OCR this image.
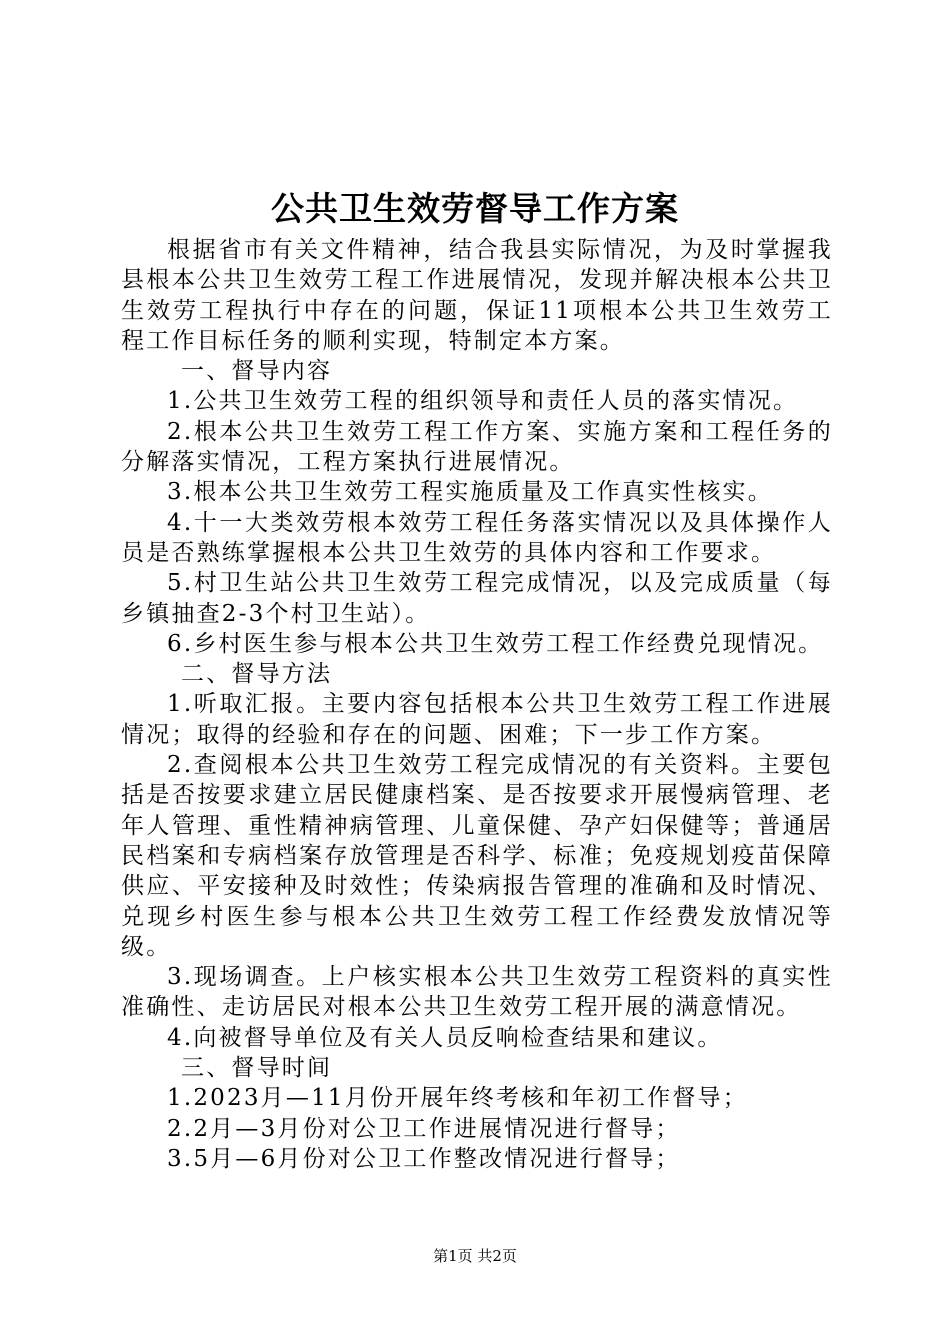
公共卫生效劳督导工作方案

根据省市有关文件精神，结合我县实际情况，为及时掌握我县根本公共卫生效劳工程工作进展情况，发现并解决根本公共卫生效劳工程执行中存在的问题，保证11项根本公共卫生效劳工程工作目标任务的顺利实现，特制定本方案。

一、督导内容

1.公共卫生效劳工程的组织领导和责任人员的落实情况。

2.根本公共卫生效劳工程工作方案、实施方案和工程任务的分解落实情况，工程方案执行进展情况。

3.根本公共卫生效劳工程实施质量及工作真实性核实。

4.十一大类效劳根本效劳工程任务落实情况以及具体操作人员是否熟练掌握根本公共卫生效劳的具体内容和工作要求。

5.村卫生站公共卫生效劳工程完成情况，以及完成质量（每乡镇抽查2-3个村卫生站）。

6.乡村医生参与根本公共卫生效劳工程工作经费兑现情况。

二、督导方法

1.听取汇报。主要内容包括根本公共卫生效劳工程工作进展情况；取得的经验和存在的问题、困难；下一步工作方案。

2.查阅根本公共卫生效劳工程完成情况的有关资料。主要包括是否按要求建立居民健康档案、是否按要求开展慢病管理、老年人管理、重性精神病管理、儿童保健、孕产妇保健等；普通居民档案和专病档案存放管理是否科学、标准；免疫规划疫苗保障供应、平安接种及时效性；传染病报告管理的准确和及时情况、兑现乡村医生参与根本公共卫生效劳工程工作经费发放情况等级。

3.现场调查。上户核实根本公共卫生效劳工程资料的真实性准确性、走访居民对根本公共卫生效劳工程开展的满意情况。

4.向被督导单位及有关人员反响检查结果和建议。

三、督导时间

1.2023月—11月份开展年终考核和年初工作督导；

2.2月—3月份对公卫工作进展情况进行督导；

3.5月—6月份对公卫工作整改情况进行督导；

第1页 共2页
